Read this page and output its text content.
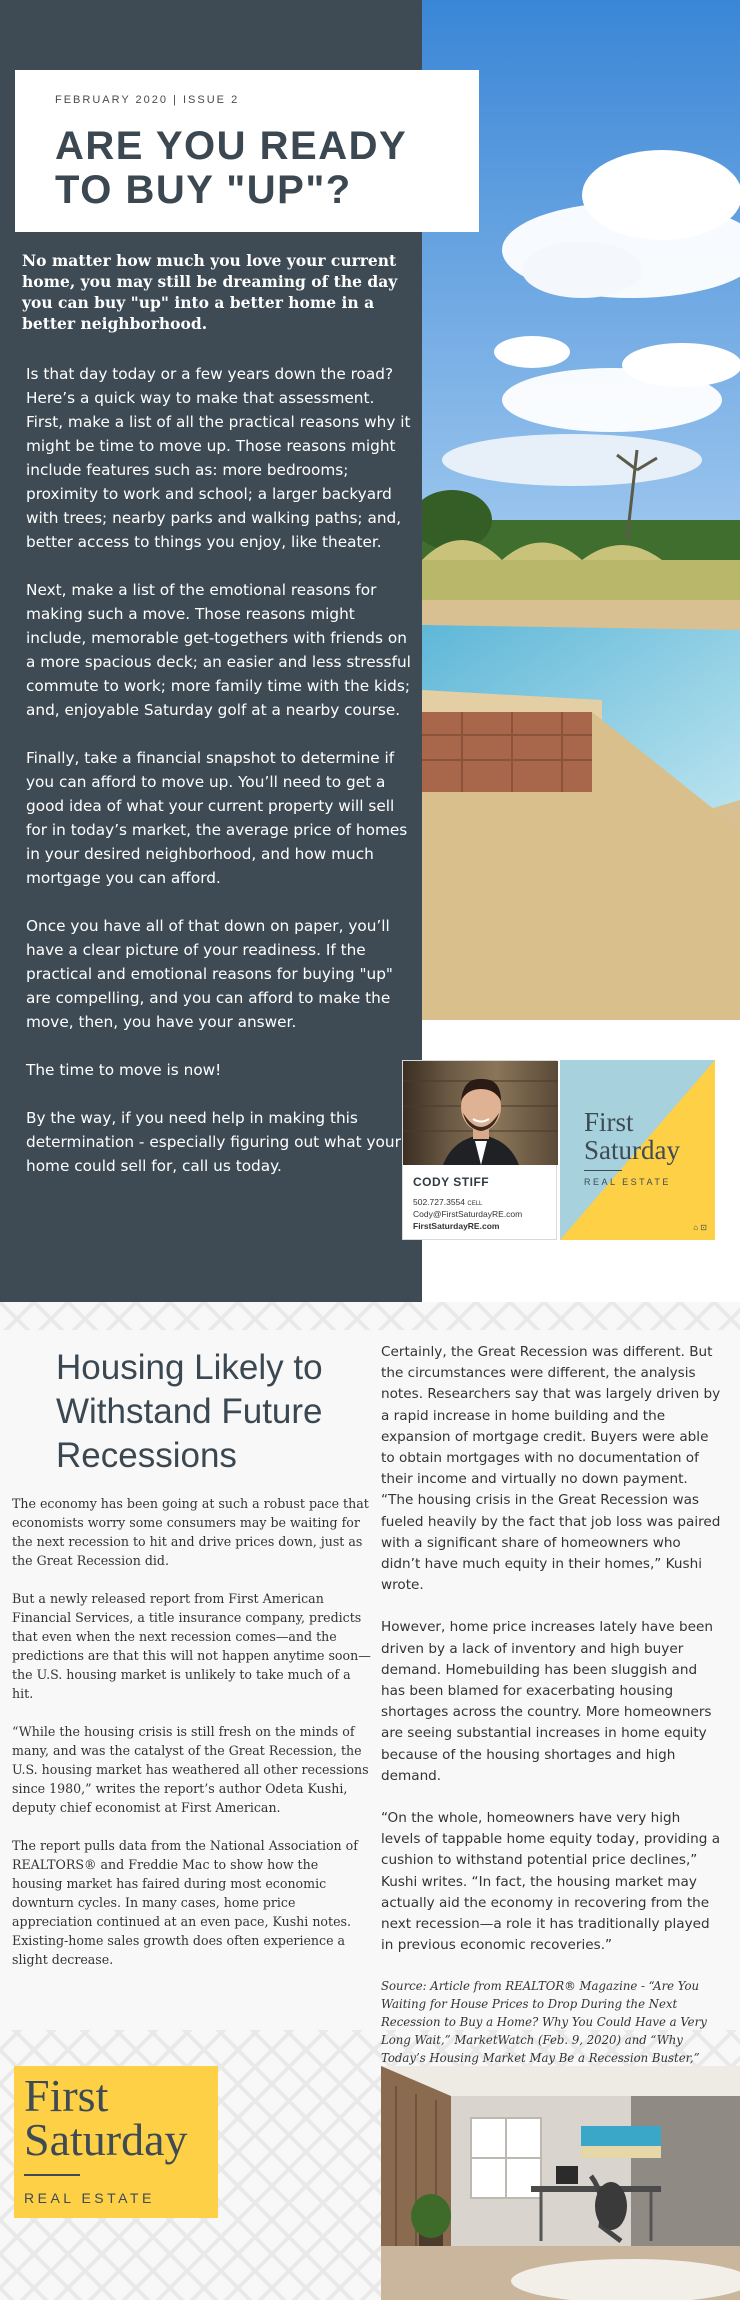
FEBRUARY 2020 | ISSUE 2
ARE YOU READY
TO BUY "UP"?
No matter how much you love your current home, you may still be dreaming of the day you can buy "up" into a better home in a better neighborhood.

Is that day today or a few years down the road? Here’s a quick way to make that assessment. First, make a list of all the practical reasons why it might be time to move up. Those reasons might include features such as: more bedrooms; proximity to work and school; a larger backyard with trees; nearby parks and walking paths; and, better access to things you enjoy, like theater.

Next, make a list of the emotional reasons for making such a move. Those reasons might include, memorable get-togethers with friends on a more spacious deck; an easier and less stressful commute to work; more family time with the kids; and, enjoyable Saturday golf at a nearby course.

Finally, take a financial snapshot to determine if you can afford to move up. You’ll need to get a good idea of what your current property will sell for in today’s market, the average price of homes in your desired neighborhood, and how much mortgage you can afford.

Once you have all of that down on paper, you’ll have a clear picture of your readiness. If the practical and emotional reasons for buying "up" are compelling, and you can afford to make the move, then, you have your answer.

The time to move is now!

By the way, if you need help in making this determination - especially figuring out what your home could sell for, call us today.

CODY STIFF
502.727.3554 CELL
Cody@FirstSaturdayRE.com
FirstSaturdayRE.com
First
Saturday
REAL ESTATE
⌂ ⊡
Housing Likely to
Withstand Future
Recessions

The economy has been going at such a robust pace that economists worry some consumers may be waiting for the next recession to hit and drive prices down, just as the Great Recession did.

But a newly released report from First American Financial Services, a title insurance company, predicts that even when the next recession comes—and the predictions are that this will not happen anytime soon—the U.S. housing market is unlikely to take much of a hit.

“While the housing crisis is still fresh on the minds of many, and was the catalyst of the Great Recession, the U.S. housing market has weathered all other recessions since 1980,” writes the report’s author Odeta Kushi, deputy chief economist at First American.

The report pulls data from the National Association of REALTORS® and Freddie Mac to show how the housing market has faired during most economic downturn cycles. In many cases, home price appreciation continued at an even pace, Kushi notes. Existing-home sales growth does often experience a slight decrease.

Certainly, the Great Recession was different. But the circumstances were different, the analysis notes. Researchers say that was largely driven by a rapid increase in home building and the expansion of mortgage credit. Buyers were able to obtain mortgages with no documentation of their income and virtually no down payment. “The housing crisis in the Great Recession was fueled heavily by the fact that job loss was paired with a significant share of homeowners who didn’t have much equity in their homes,” Kushi wrote.

However, home price increases lately have been driven by a lack of inventory and high buyer demand. Homebuilding has been sluggish and has been blamed for exacerbating housing shortages across the country. More homeowners are seeing substantial increases in home equity because of the housing shortages and high demand.

“On the whole, homeowners have very high levels of tappable home equity today, providing a cushion to withstand potential price declines,” Kushi writes. “In fact, the housing market may actually aid the economy in recovering from the next recession—a role it has traditionally played in previous economic recoveries.”

Source: Article from REALTOR® Magazine - “Are You Waiting for House Prices to Drop During the Next Recession to Buy a Home? Why You Could Have a Very Long Wait,” MarketWatch (Feb. 9, 2020) and “Why Today’s Housing Market May Be a Recession Buster,”

First
Saturday
REAL ESTATE
